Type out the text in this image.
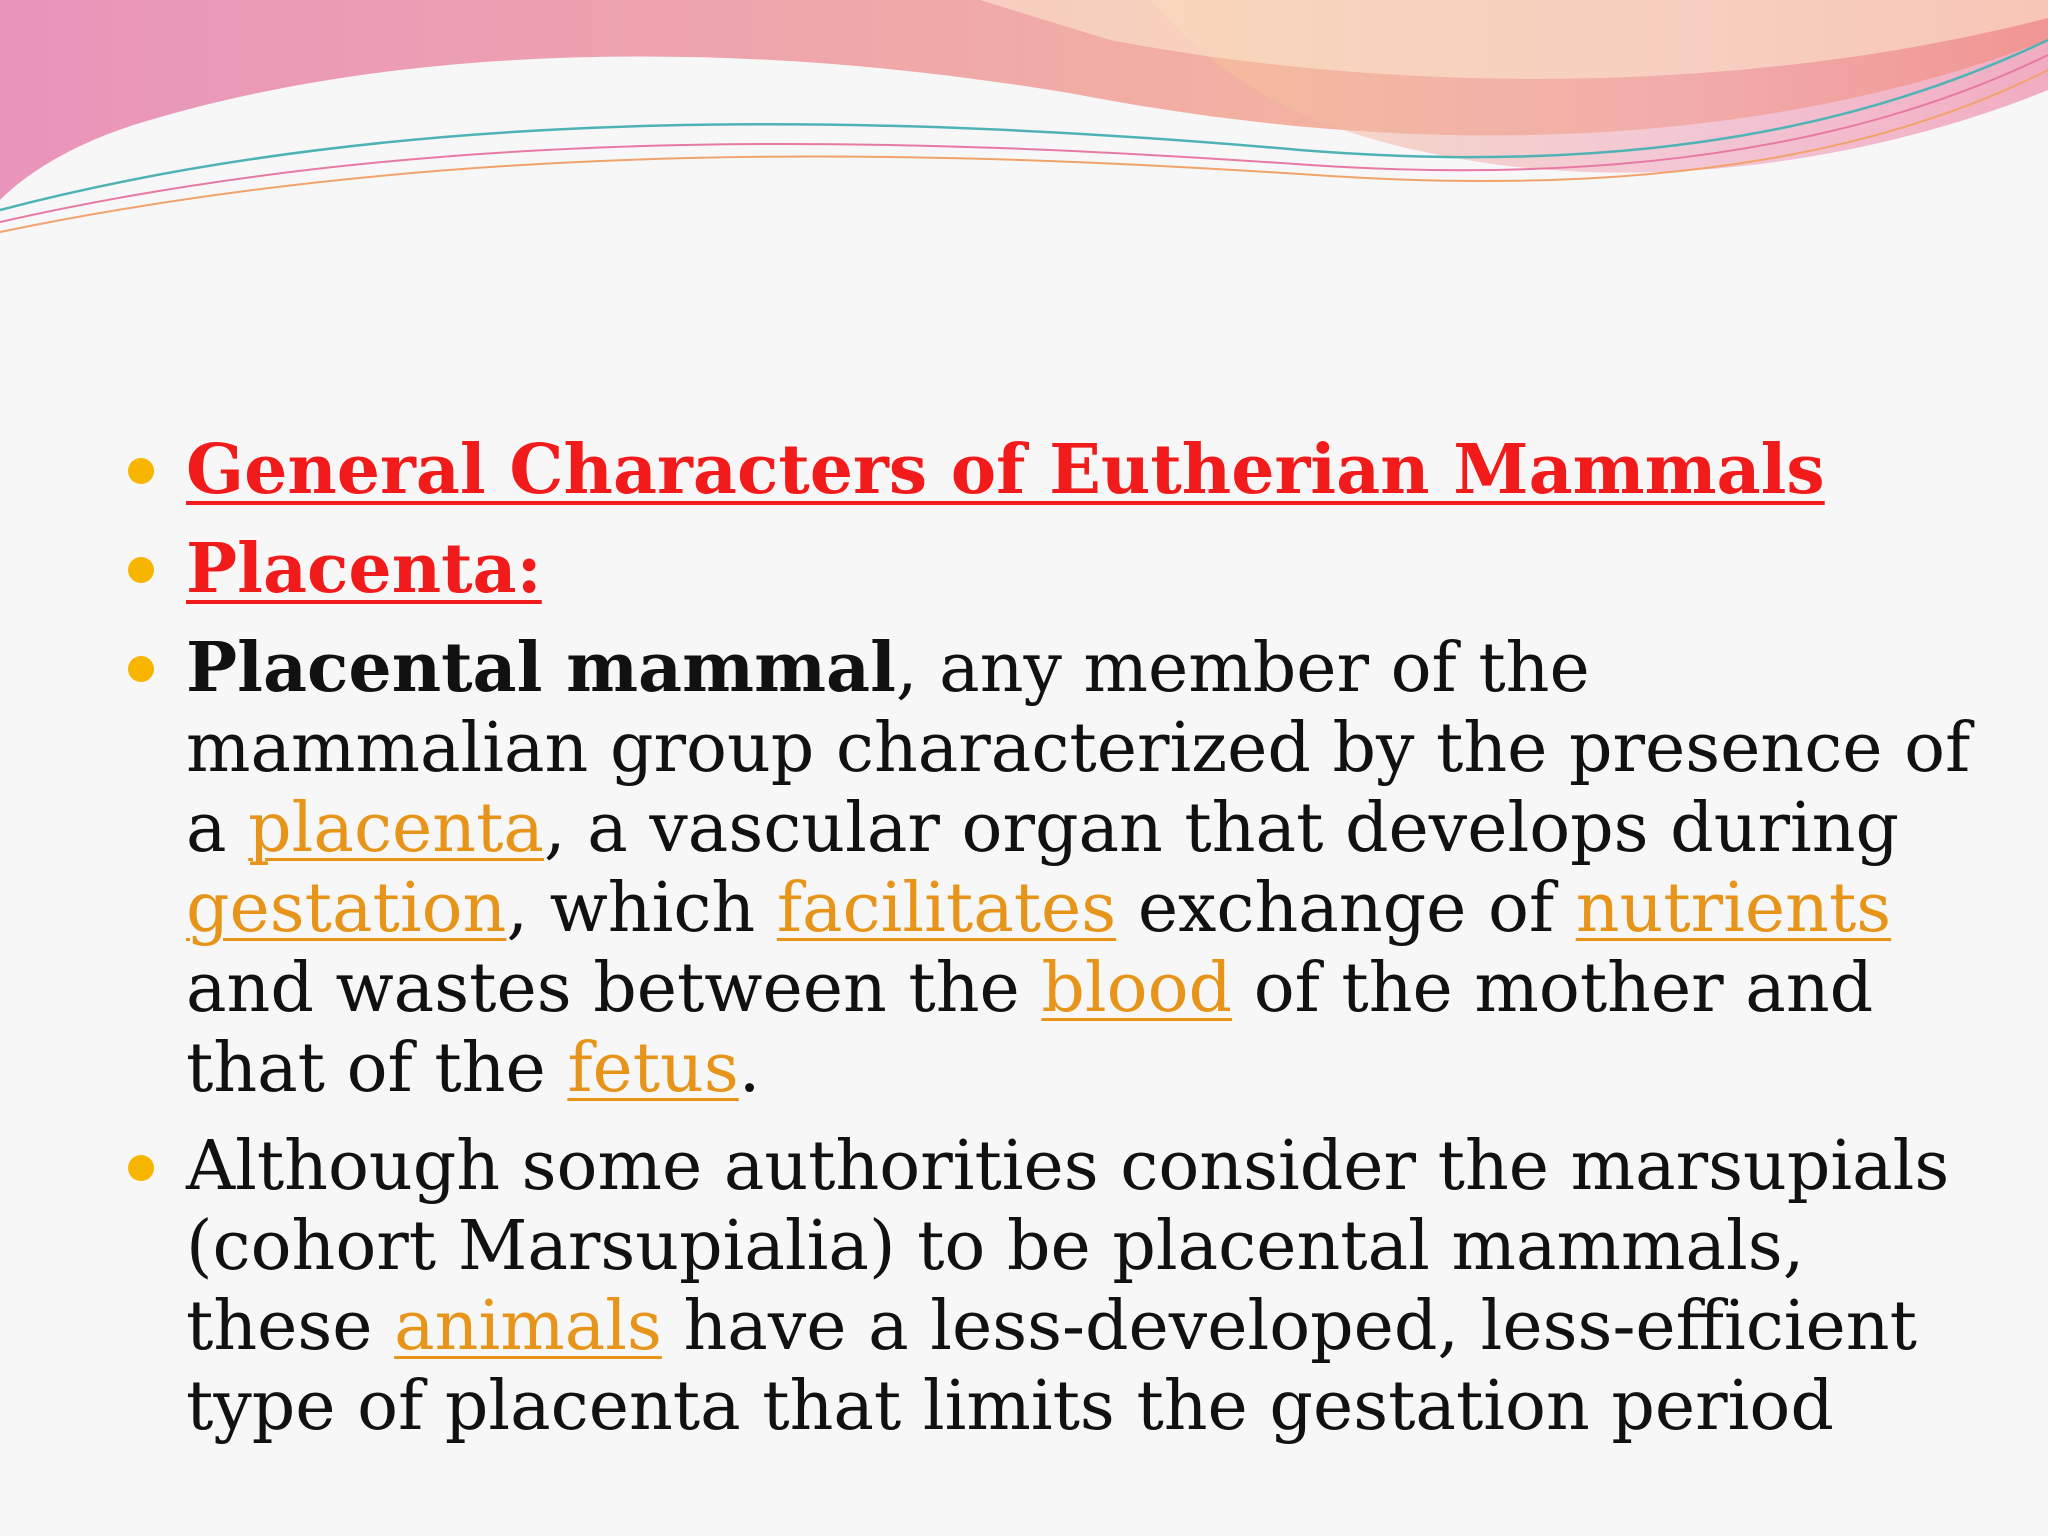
General Characters of Eutherian Mammals
Placenta:
Placental mammal, any member of the mammalian group characterized by the presence of a placenta, a vascular organ that develops during gestation, which facilitates exchange of nutrients and wastes between the blood of the mother and that of the fetus.
Although some authorities consider the marsupials (cohort Marsupialia) to be placental mammals, these animals have a less-developed, less-efficient type of placenta that limits the gestation period
